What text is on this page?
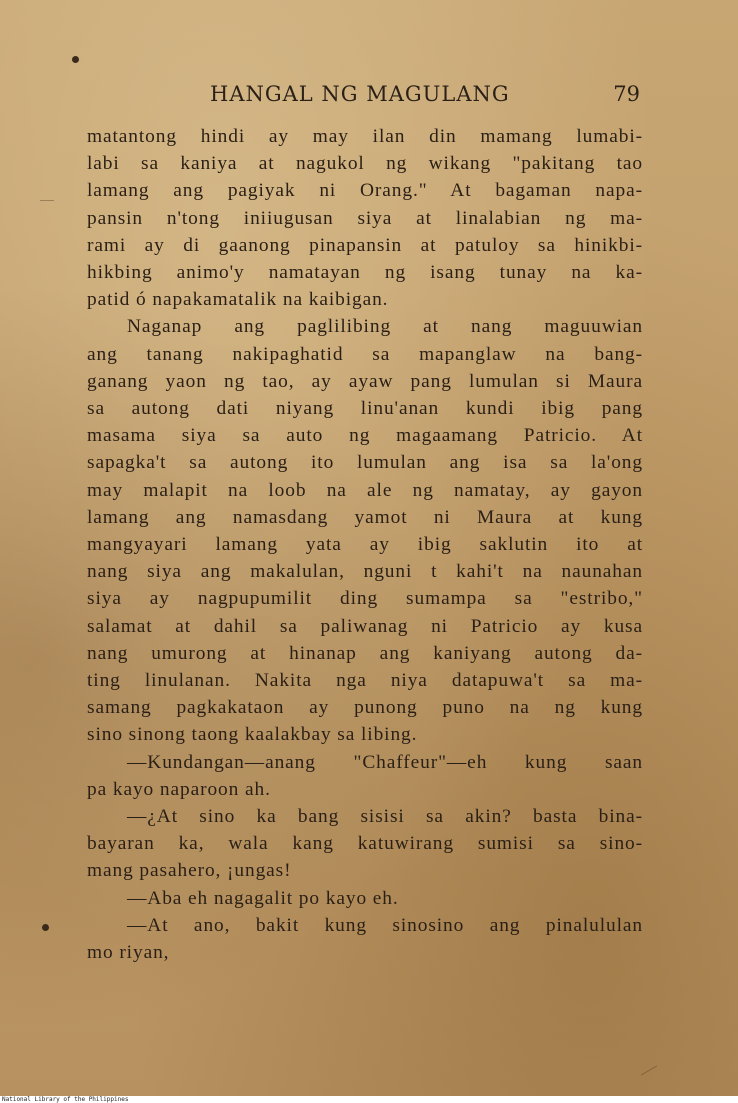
HANGAL NG MAGULANG	79
matantong hindi ay may ilan din mamang lumabi-
labi sa kaniya at nagukol ng wikang "pakitang tao
lamang ang pagiyak ni Orang." At bagaman napa-
pansin n'tong iniiugusan siya at linalabian ng ma-
rami ay di gaanong pinapansin at patuloy sa hinikbi-
hikbing animo'y namatayan ng isang tunay na ka-
patid ó napakamatalik na kaibigan.
Naganap ang paglilibing at nang maguuwian
ang tanang nakipaghatid sa mapanglaw na bang-
ganang yaon ng tao, ay ayaw pang lumulan si Maura
sa autong dati niyang linu'anan kundi ibig pang
masama siya sa auto ng magaamang Patricio. At
sapagka't sa autong ito lumulan ang isa sa la'ong
may malapit na loob na ale ng namatay, ay gayon
lamang ang namasdang yamot ni Maura at kung
mangyayari lamang yata ay ibig saklutin ito at
nang siya ang makalulan, nguni t kahi't na naunahan
siya ay nagpupumilit ding sumampa sa "estribo,"
salamat at dahil sa paliwanag ni Patricio ay kusa
nang umurong at hinanap ang kaniyang autong da-
ting linulanan. Nakita nga niya datapuwa't sa ma-
samang pagkakataon ay punong puno na ng kung
sino sinong taong kaalakbay sa libing.
—Kundangan—anang "Chaffeur"—eh kung saan
pa kayo naparoon ah.
—¿At sino ka bang sisisi sa akin? basta bina-
bayaran ka, wala kang katuwirang sumisi sa sino-
mang pasahero, ¡ungas!
—Aba eh nagagalit po kayo eh.
—At ano, bakit kung sinosino ang pinalululan
mo riyan,
National Library of the Philippines
